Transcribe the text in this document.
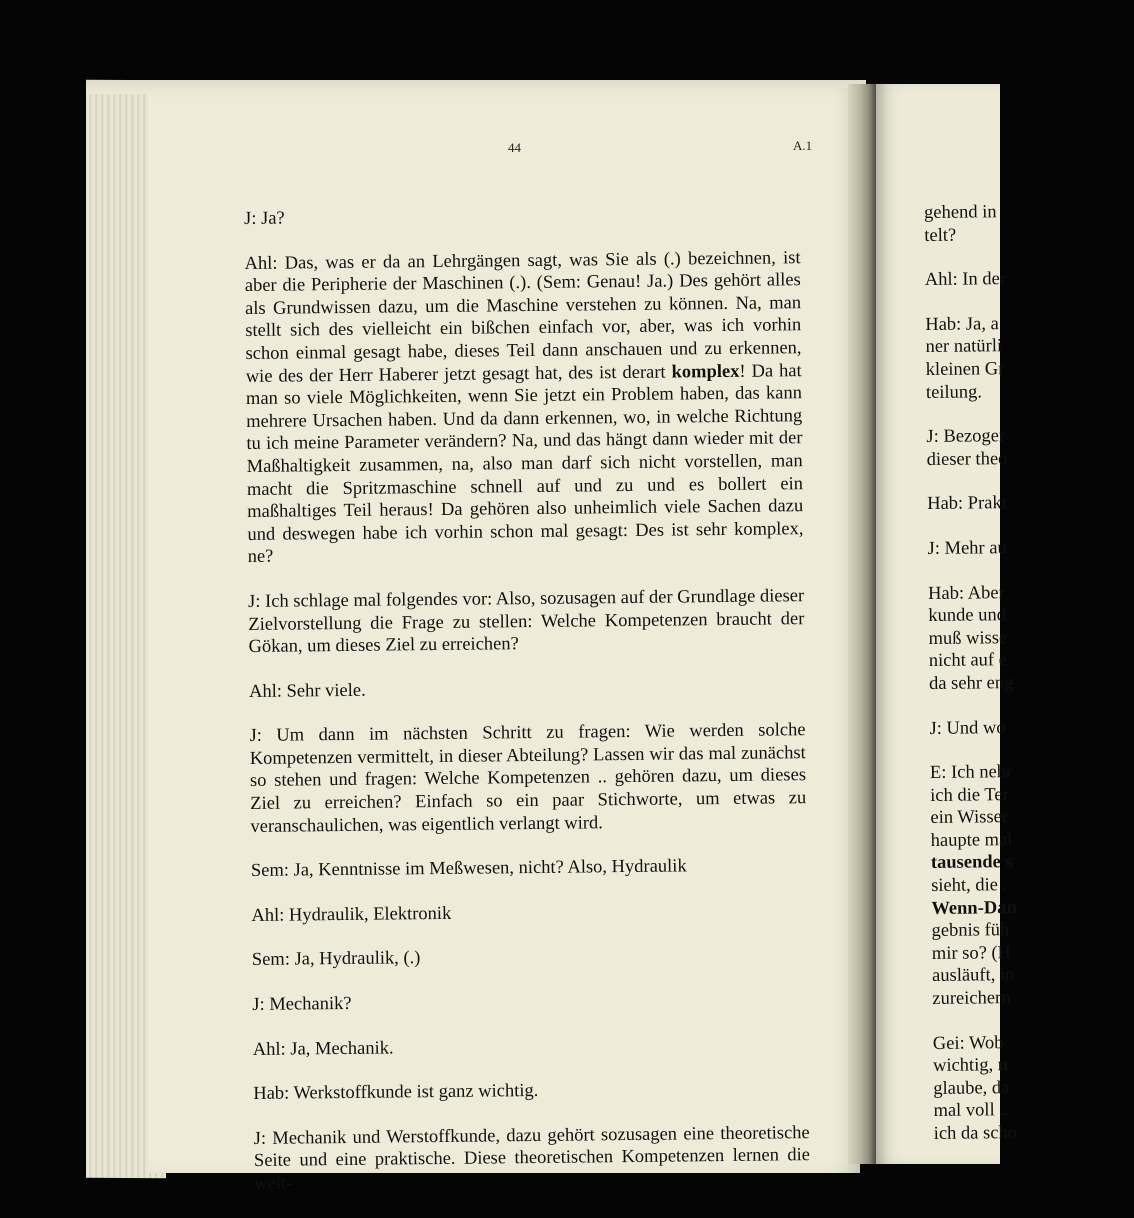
44	A.1

J: Ja?

Ahl: Das, was er da an Lehrgängen sagt, was Sie als (.) bezeichnen, ist aber die Peripherie der Maschinen (.). (Sem: Genau! Ja.) Des gehört alles als Grundwissen dazu, um die Maschine verstehen zu können. Na, man stellt sich des vielleicht ein bißchen einfach vor, aber, was ich vorhin schon einmal gesagt habe, dieses Teil dann anschauen und zu erkennen, wie des der Herr Haberer jetzt gesagt hat, des ist derart komplex! Da hat man so viele Möglichkeiten, wenn Sie jetzt ein Problem haben, das kann mehrere Ursachen haben. Und da dann erkennen, wo, in welche Richtung tu ich meine Parameter verändern? Na, und das hängt dann wieder mit der Maßhaltigkeit zusammen, na, also man darf sich nicht vorstellen, man macht die Spritzmaschine schnell auf und zu und es bollert ein maßhaltiges Teil heraus! Da gehören also unheimlich viele Sachen dazu und deswegen habe ich vorhin schon mal gesagt: Des ist sehr komplex, ne?

J: Ich schlage mal folgendes vor: Also, sozusagen auf der Grundlage dieser Zielvorstellung die Frage zu stellen: Welche Kompetenzen braucht der Gökan, um dieses Ziel zu erreichen?

Ahl: Sehr viele.

J: Um dann im nächsten Schritt zu fragen: Wie werden solche Kompetenzen vermittelt, in dieser Abteilung? Lassen wir das mal zunächst so stehen und fragen: Welche Kompetenzen .. gehören dazu, um dieses Ziel zu erreichen? Einfach so ein paar Stichworte, um etwas zu veranschaulichen, was eigentlich verlangt wird.

Sem: Ja, Kenntnisse im Meßwesen, nicht? Also, Hydraulik

Ahl: Hydraulik, Elektronik

Sem: Ja, Hydraulik, (.)

J: Mechanik?

Ahl: Ja, Mechanik.

Hab: Werkstoffkunde ist ganz wichtig.

J: Mechanik und Werstoffkunde, dazu gehört sozusagen eine theoretische Seite und eine praktische. Diese theoretischen Kompetenzen lernen die weit-

gehend in
telt?
Ahl: In der
Hab: Ja, a
ner natürli
kleinen Gr
teilung.
J: Bezoger
dieser theo
Hab: Prakt
J: Mehr au
Hab: Aber
kunde und
muß wisse
nicht auf e
da sehr eng
J: Und wo
E: Ich nehr
ich die Ter
ein Wisser
haupte mal
tausende s
sieht, die .
Wenn-Dan
gebnis füh
mir so? (H
ausläuft, in
zureichern
Gei: Wob
wichtig, n
glaube, da
mal voll ..
ich da scho
